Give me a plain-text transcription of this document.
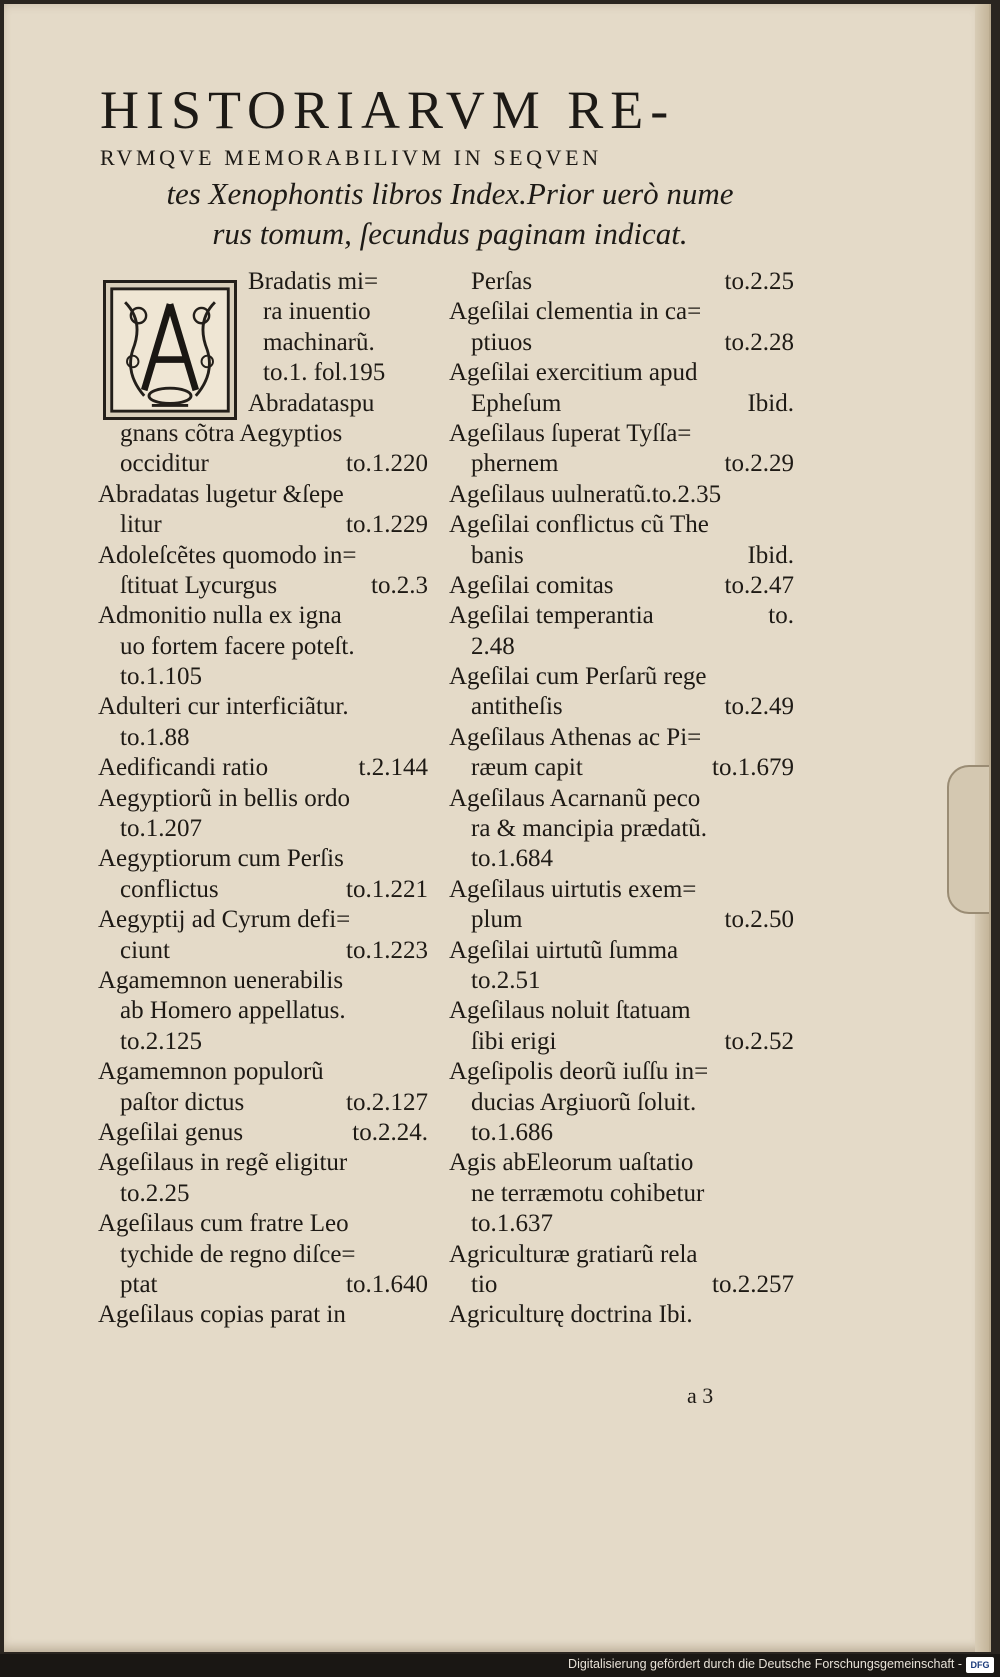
HISTORIARVM RE-
RVMQVE MEMORABILIVM IN SEQVEN
tes Xenophontis libros Index.Prior uerò nume
rus tomum, ſecundus paginam indicat.
Bradatis mi=
ra inuentio
machinarũ.
to.1. fol.195
Abradataspu
gnans cõtra Aegyptios
occiditur	to.1.220
Abradatas lugetur &ſepe
litur	to.1.229
Adoleſcẽtes quomodo in=
ſtituat Lycurgus	to.2.3
Admonitio nulla ex igna
uo fortem facere poteſt.
to.1.105
Adulteri cur interficiãtur.
to.1.88
Aedificandi ratio	t.2.144
Aegyptiorũ in bellis ordo
to.1.207
Aegyptiorum cum Perſis
conflictus	to.1.221
Aegyptij ad Cyrum defi=
ciunt	to.1.223
Agamemnon uenerabilis
ab Homero appellatus.
to.2.125
Agamemnon populorũ
paſtor dictus	to.2.127
Ageſilai genus	to.2.24.
Ageſilaus in regẽ eligitur
to.2.25
Ageſilaus cum fratre Leo
tychide de regno diſce=
ptat	to.1.640
Ageſilaus copias parat in
Perſas	to.2.25
Ageſilai clementia in ca=
ptiuos	to.2.28
Ageſilai exercitium apud
Epheſum	Ibid.
Ageſilaus ſuperat Tyſſa=
phernem	to.2.29
Ageſilaus uulneratũ.to.2.35
Ageſilai conflictus cũ The
banis	Ibid.
Ageſilai comitas	to.2.47
Ageſilai temperantia	to.
2.48
Ageſilai cum Perſarũ rege
antitheſis	to.2.49
Ageſilaus Athenas ac Pi=
ræum capit	to.1.679
Ageſilaus Acarnanũ peco
ra & mancipia prædatũ.
to.1.684
Ageſilaus uirtutis exem=
plum	to.2.50
Ageſilai uirtutũ ſumma
to.2.51
Ageſilaus noluit ſtatuam
ſibi erigi	to.2.52
Ageſipolis deorũ iuſſu in=
ducias Argiuorũ ſoluit.
to.1.686
Agis abEleorum uaſtatio
ne terræmotu cohibetur
to.1.637
Agriculturæ gratiarũ rela
tio	to.2.257
Agriculturę doctrina Ibi.
a 3
Digitalisierung gefördert durch die Deutsche Forschungsgemeinschaft - DFG
